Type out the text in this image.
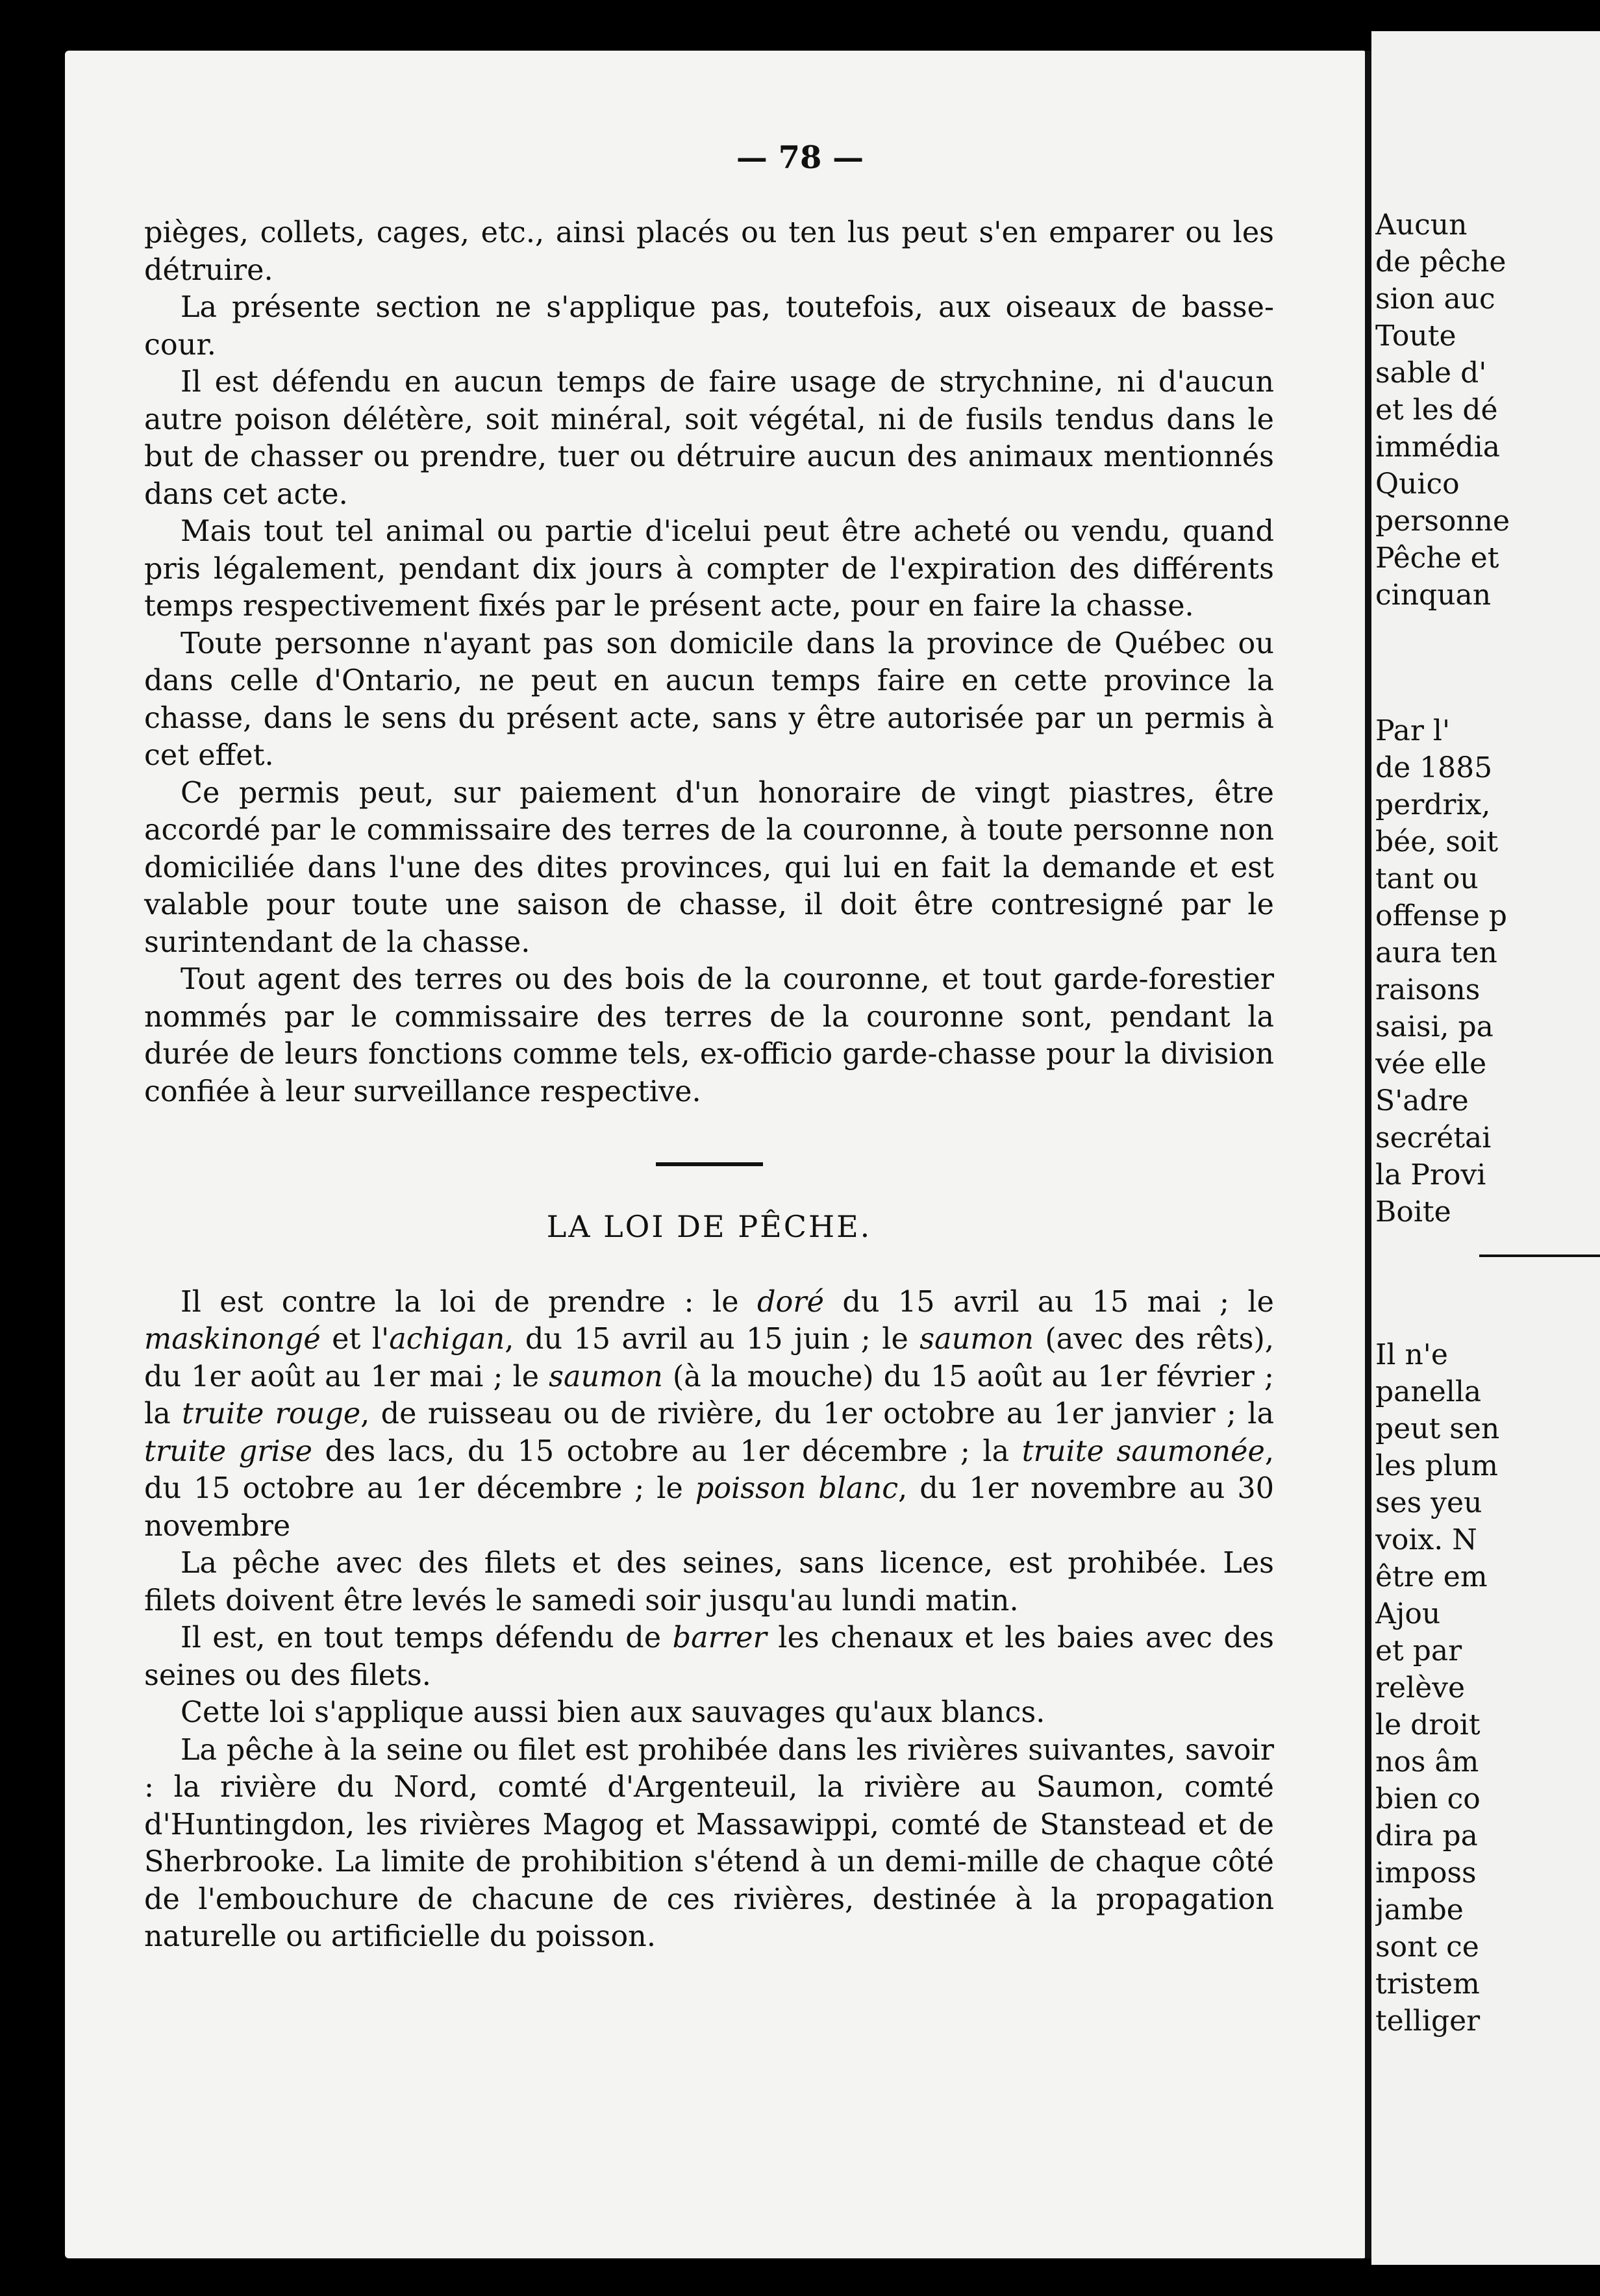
— 78 —

pièges, collets, cages, etc., ainsi placés ou ten lus peut s'en emparer ou les détruire.

La présente section ne s'applique pas, toutefois, aux oiseaux de basse-cour.

Il est défendu en aucun temps de faire usage de strychnine, ni d'aucun autre poison délétère, soit minéral, soit végétal, ni de fusils tendus dans le but de chasser ou prendre, tuer ou détruire aucun des animaux mentionnés dans cet acte.

Mais tout tel animal ou partie d'icelui peut être acheté ou vendu, quand pris légalement, pendant dix jours à compter de l'expiration des différents temps respectivement fixés par le présent acte, pour en faire la chasse.

Toute personne n'ayant pas son domicile dans la province de Québec ou dans celle d'Ontario, ne peut en aucun temps faire en cette province la chasse, dans le sens du présent acte, sans y être autorisée par un permis à cet effet.

Ce permis peut, sur paiement d'un honoraire de vingt piastres, être accordé par le commissaire des terres de la couronne, à toute personne non domiciliée dans l'une des dites provinces, qui lui en fait la demande et est valable pour toute une saison de chasse, il doit être contresigné par le surintendant de la chasse.

Tout agent des terres ou des bois de la couronne, et tout garde-forestier nommés par le commissaire des terres de la couronne sont, pendant la durée de leurs fonctions comme tels, ex-officio garde-chasse pour la division confiée à leur surveillance respective.

LA LOI DE PÊCHE.

Il est contre la loi de prendre : le doré du 15 avril au 15 mai ; le maskinongé et l'achigan, du 15 avril au 15 juin ; le saumon (avec des rêts), du 1er août au 1er mai ; le saumon (à la mouche) du 15 août au 1er février ; la truite rouge, de ruisseau ou de rivière, du 1er octobre au 1er janvier ; la truite grise des lacs, du 15 octobre au 1er décembre ; la truite saumonée, du 15 octobre au 1er décembre ; le poisson blanc, du 1er novembre au 30 novembre

La pêche avec des filets et des seines, sans licence, est prohibée. Les filets doivent être levés le samedi soir jusqu'au lundi matin.

Il est, en tout temps défendu de barrer les chenaux et les baies avec des seines ou des filets.

Cette loi s'applique aussi bien aux sauvages qu'aux blancs.

La pêche à la seine ou filet est prohibée dans les rivières suivantes, savoir : la rivière du Nord, comté d'Argenteuil, la rivière au Saumon, comté d'Huntingdon, les rivières Magog et Massawippi, comté de Stanstead et de Sherbrooke. La limite de prohibition s'étend à un demi-mille de chaque côté de l'embouchure de chacune de ces rivières, destinée à la propagation naturelle ou artificielle du poisson.

Aucun
de pêche
sion auc
Toute
sable d'
et les dé
immédia
Quico
personne
Pêche et
cinquan
Par l'
de 1885
perdrix,
bée, soit
tant ou
offense p
aura ten
raisons
saisi, pa
vée elle
S'adre
secrétai
la Provi
Boite
Il n'e
panella
peut sen
les plum
ses yeu
voix. N
être em
Ajou
et par
relève
le droit
nos âm
bien co
dira pa
imposs
jambe
sont ce
tristem
telliger
